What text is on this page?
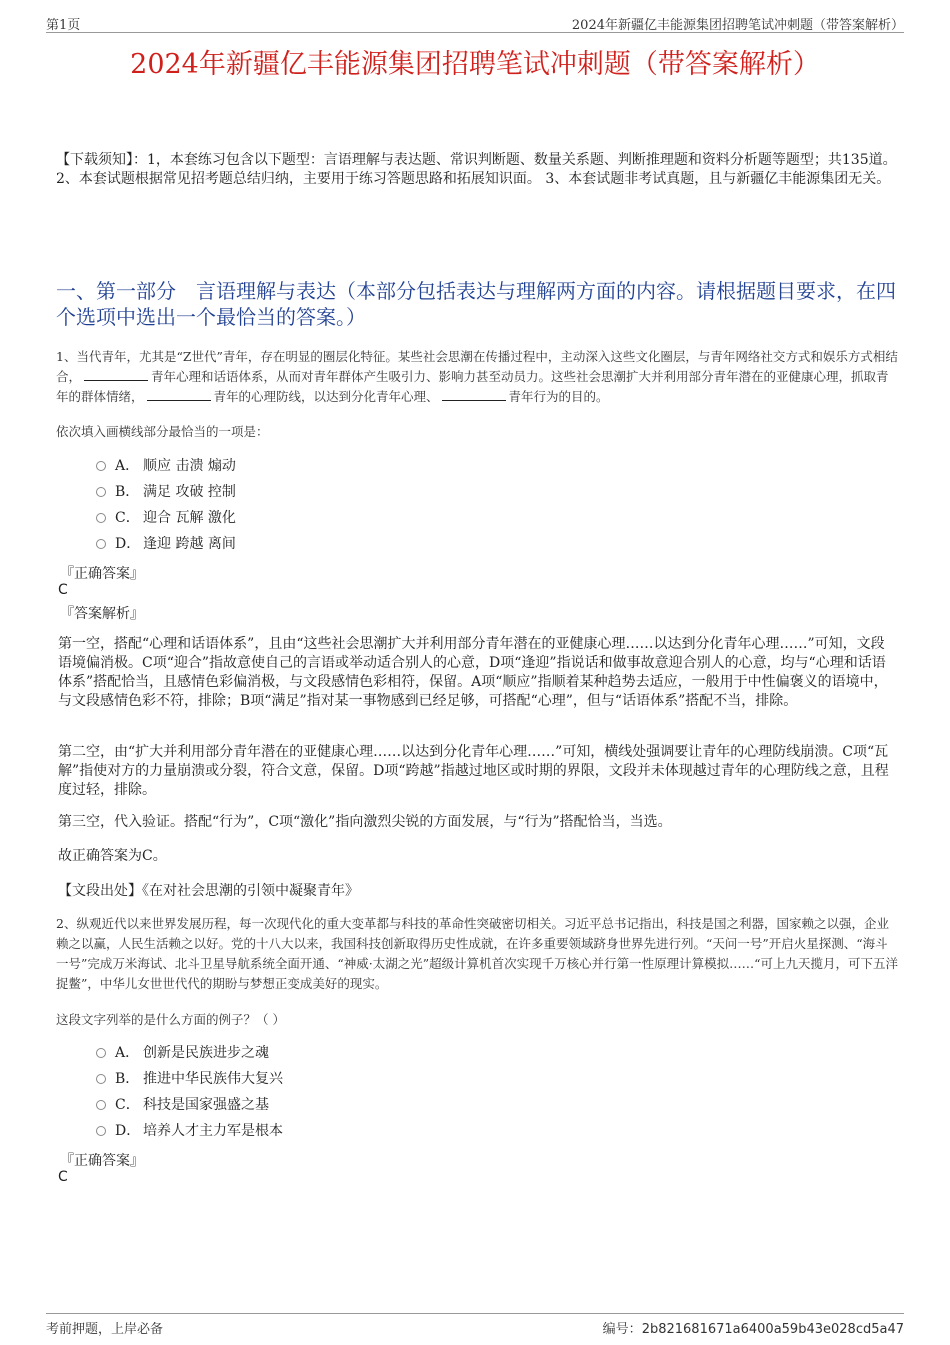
第1页	2024年新疆亿丰能源集团招聘笔试冲刺题（带答案解析）
2024年新疆亿丰能源集团招聘笔试冲刺题（带答案解析）
【下载须知】：1，本套练习包含以下题型：言语理解与表达题、常识判断题、数量关系题、判断推理题和资料分析题等题型；共135道。 2、本套试题根据常见招考题总结归纳，主要用于练习答题思路和拓展知识面。 3、本套试题非考试真题，且与新疆亿丰能源集团无关。
一、第一部分　言语理解与表达（本部分包括表达与理解两方面的内容。请根据题目要求，在四个选项中选出一个最恰当的答案。）
1、当代青年，尤其是“Z世代”青年，存在明显的圈层化特征。某些社会思潮在传播过程中，主动深入这些文化圈层，与青年网络社交方式和娱乐方式相结合，	青年心理和话语体系，从而对青年群体产生吸引力、影响力甚至动员力。这些社会思潮扩大并利用部分青年潜在的亚健康心理，抓取青年的群体情绪，	青年的心理防线，以达到分化青年心理、	青年行为的目的。
依次填入画横线部分最恰当的一项是：
A． 顺应 击溃 煽动
B． 满足 攻破 控制
C． 迎合 瓦解 激化
D． 逢迎 跨越 离间
『正确答案』
C
『答案解析』
第一空，搭配“心理和话语体系”，且由“这些社会思潮扩大并利用部分青年潜在的亚健康心理……以达到分化青年心理……”可知，文段语境偏消极。C项“迎合”指故意使自己的言语或举动适合别人的心意，D项“逢迎”指说话和做事故意迎合别人的心意，均与“心理和话语体系”搭配恰当，且感情色彩偏消极，与文段感情色彩相符，保留。A项“顺应”指顺着某种趋势去适应，一般用于中性偏褒义的语境中，与文段感情色彩不符，排除；B项“满足”指对某一事物感到已经足够，可搭配“心理”，但与“话语体系”搭配不当，排除。
第二空，由“扩大并利用部分青年潜在的亚健康心理……以达到分化青年心理……”可知，横线处强调要让青年的心理防线崩溃。C项“瓦解”指使对方的力量崩溃或分裂，符合文意，保留。D项“跨越”指越过地区或时期的界限，文段并未体现越过青年的心理防线之意，且程度过轻，排除。
第三空，代入验证。搭配“行为”，C项“激化”指向激烈尖锐的方面发展，与“行为”搭配恰当，当选。
故正确答案为C。
【文段出处】《在对社会思潮的引领中凝聚青年》
2、纵观近代以来世界发展历程，每一次现代化的重大变革都与科技的革命性突破密切相关。习近平总书记指出，科技是国之利器，国家赖之以强，企业赖之以赢，人民生活赖之以好。党的十八大以来，我国科技创新取得历史性成就，在许多重要领域跻身世界先进行列。“天问一号”开启火星探测、“海斗一号”完成万米海试、北斗卫星导航系统全面开通、“神威·太湖之光”超级计算机首次实现千万核心并行第一性原理计算模拟……“可上九天揽月，可下五洋捉鳖”，中华儿女世世代代的期盼与梦想正变成美好的现实。
这段文字列举的是什么方面的例子？（ ）
A． 创新是民族进步之魂
B． 推进中华民族伟大复兴
C． 科技是国家强盛之基
D． 培养人才主力军是根本
『正确答案』
C
考前押题，上岸必备	编号：2b821681671a6400a59b43e028cd5a47
